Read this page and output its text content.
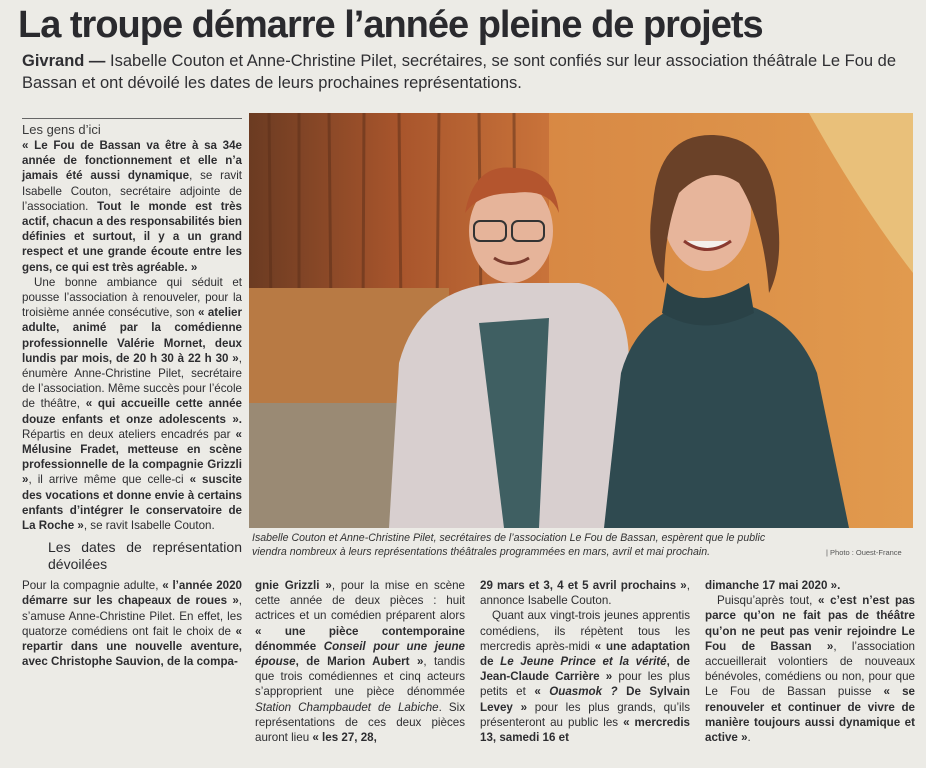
La troupe démarre l’année pleine de projets
Givrand — Isabelle Couton et Anne-Christine Pilet, secrétaires, se sont confiés sur leur association théâtrale Le Fou de Bassan et ont dévoilé les dates de leurs prochaines représentations.
Les gens d’ici

« Le Fou de Bassan va être à sa 34e année de fonctionnement et elle n’a jamais été aussi dynamique, se ravit Isabelle Couton, secrétaire adjointe de l’association. Tout le monde est très actif, chacun a des responsabilités bien définies et surtout, il y a un grand respect et une grande écoute entre les gens, ce qui est très agréable. »

Une bonne ambiance qui séduit et pousse l’association à renouveler, pour la troisième année consécutive, son « atelier adulte, animé par la comédienne professionnelle Valérie Mornet, deux lundis par mois, de 20 h 30 à 22 h 30 », énumère Anne-Christine Pilet, secrétaire de l’association. Même succès pour l’école de théâtre, « qui accueille cette année douze enfants et onze adolescents ». Répartis en deux ateliers encadrés par « Mélusine Fradet, metteuse en scène professionnelle de la compagnie Grizzli », il arrive même que celle-ci « suscite des vocations et donne envie à certains enfants d’intégrer le conservatoire de La Roche », se ravit Isabelle Couton.

Les dates de représentation dévoilées

Pour la compagnie adulte, « l’année 2020 démarre sur les chapeaux de roues », s’amuse Anne-Christine Pilet. En effet, les quatorze comédiens ont fait le choix de « repartir dans une nouvelle aventure, avec Christophe Sauvion, de la compa-

Isabelle Couton et Anne-Christine Pilet, secrétaires de l’association Le Fou de Bassan, espèrent que le public viendra nombreux à leurs représentations théâtrales programmées en mars, avril et mai prochain.	| Photo : Ouest-France

gnie Grizzli », pour la mise en scène cette année de deux pièces : huit actrices et un comédien préparent alors « une pièce contemporaine dénommée Conseil pour une jeune épouse, de Marion Aubert », tandis que trois comédiennes et cinq acteurs s’approprient une pièce dénommée Station Champbaudet de Labiche. Six représentations de ces deux pièces auront lieu « les 27, 28,

29 mars et 3, 4 et 5 avril prochains », annonce Isabelle Couton.

Quant aux vingt-trois jeunes apprentis comédiens, ils répètent tous les mercredis après-midi « une adaptation de Le Jeune Prince et la vérité, de Jean-Claude Carrière » pour les plus petits et « Ouasmok ? De Sylvain Levey » pour les plus grands, qu’ils présenteront au public les « mercredis 13, samedi 16 et

dimanche 17 mai 2020 ».

Puisqu’après tout, « c’est n’est pas parce qu’on ne fait pas de théâtre qu’on ne peut pas venir rejoindre Le Fou de Bassan », l’association accueillerait volontiers de nouveaux bénévoles, comédiens ou non, pour que Le Fou de Bassan puisse « se renouveler et continuer de vivre de manière toujours aussi dynamique et active ».
